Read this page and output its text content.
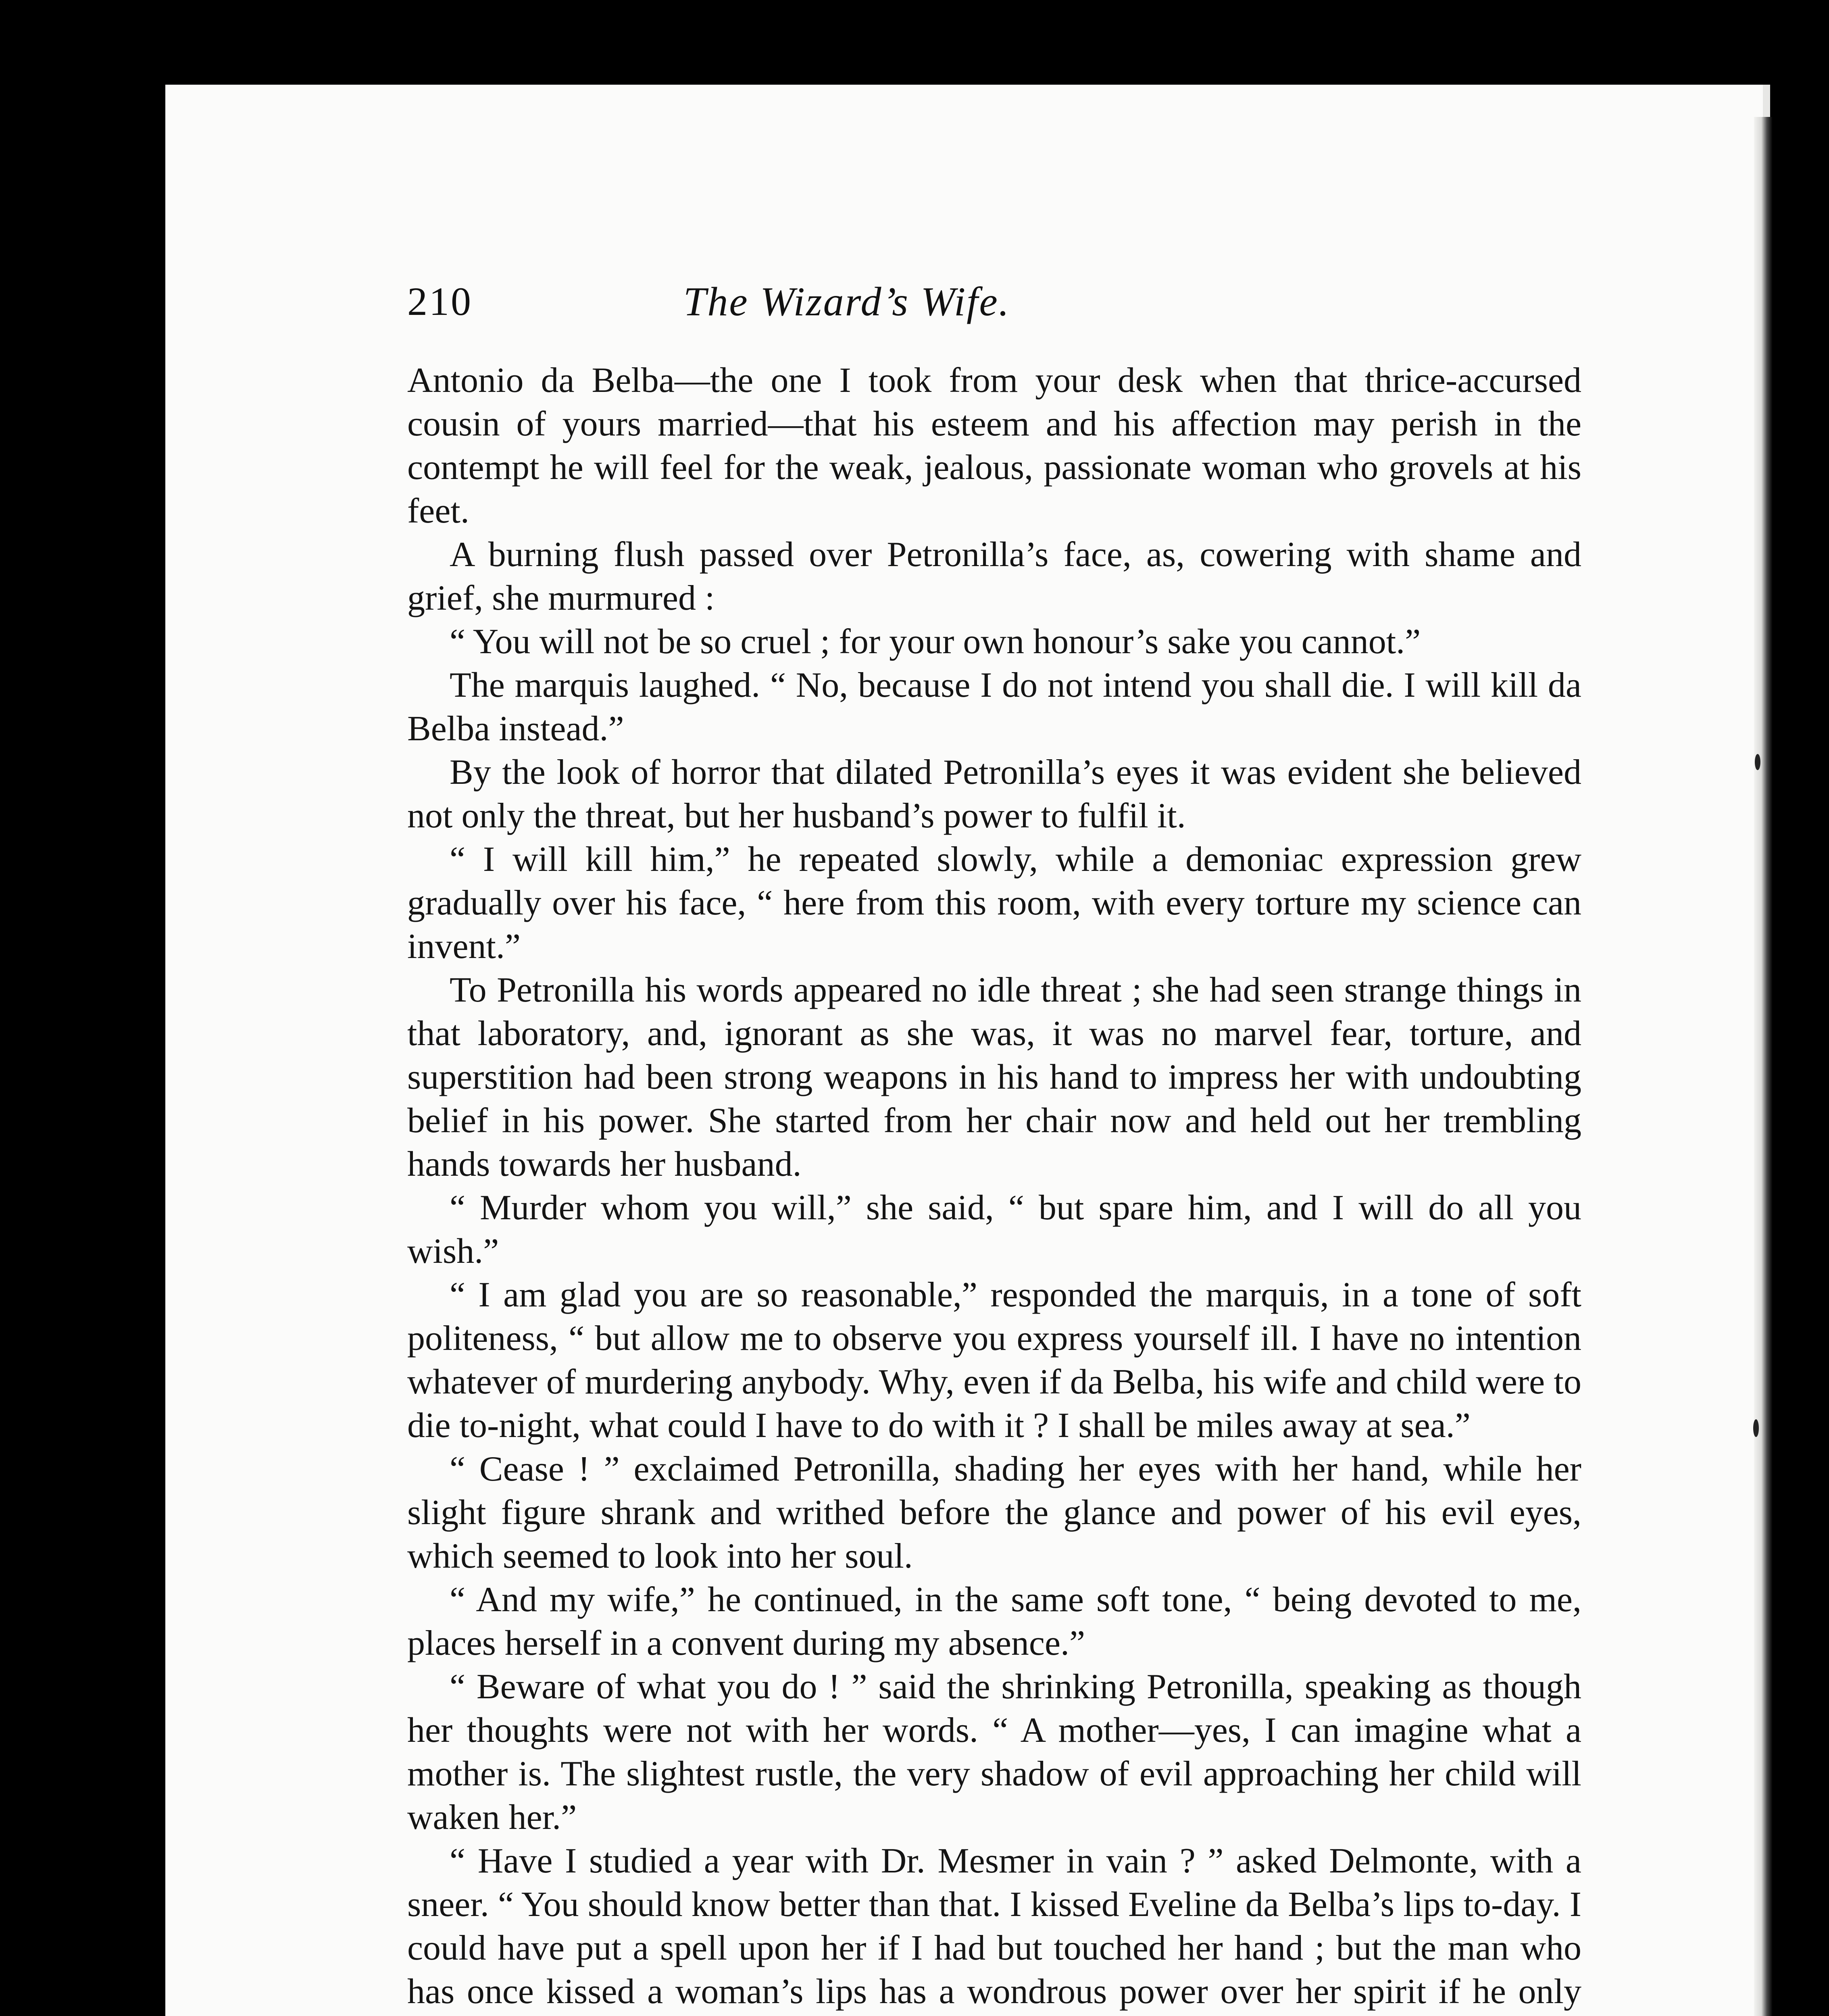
210	The Wizard’s Wife.

Antonio da Belba—the one I took from your desk when that thrice-accursed cousin of yours married—that his esteem and his affection may perish in the contempt he will feel for the weak, jealous, passionate woman who grovels at his feet.

A burning flush passed over Petronilla’s face, as, cowering with shame and grief, she murmured :

“ You will not be so cruel ; for your own honour’s sake you cannot.”

The marquis laughed. “ No, because I do not intend you shall die. I will kill da Belba instead.”

By the look of horror that dilated Petronilla’s eyes it was evident she believed not only the threat, but her husband’s power to fulfil it.

“ I will kill him,” he repeated slowly, while a demoniac expression grew gradually over his face, “ here from this room, with every torture my science can invent.”

To Petronilla his words appeared no idle threat ; she had seen strange things in that laboratory, and, ignorant as she was, it was no marvel fear, torture, and superstition had been strong weapons in his hand to impress her with undoubting belief in his power. She started from her chair now and held out her trembling hands towards her husband.

“ Murder whom you will,” she said, “ but spare him, and I will do all you wish.”

“ I am glad you are so reasonable,” responded the marquis, in a tone of soft politeness, “ but allow me to observe you express yourself ill. I have no intention whatever of murdering anybody. Why, even if da Belba, his wife and child were to die to-night, what could I have to do with it ? I shall be miles away at sea.”

“ Cease ! ” exclaimed Petronilla, shading her eyes with her hand, while her slight figure shrank and writhed before the glance and power of his evil eyes, which seemed to look into her soul.

“ And my wife,” he continued, in the same soft tone, “ being devoted to me, places herself in a convent during my absence.”

“ Beware of what you do ! ” said the shrinking Petronilla, speaking as though her thoughts were not with her words. “ A mother—yes, I can imagine what a mother is. The slightest rustle, the very shadow of evil approaching her child will waken her.”

“ Have I studied a year with Dr. Mesmer in vain ? ” asked Delmonte, with a sneer. “ You should know better than that. I kissed Eveline da Belba’s lips to-day. I could have put a spell upon her if I had but touched her hand ; but the man who has once kissed a woman’s lips has a wondrous power over her spirit if he only
